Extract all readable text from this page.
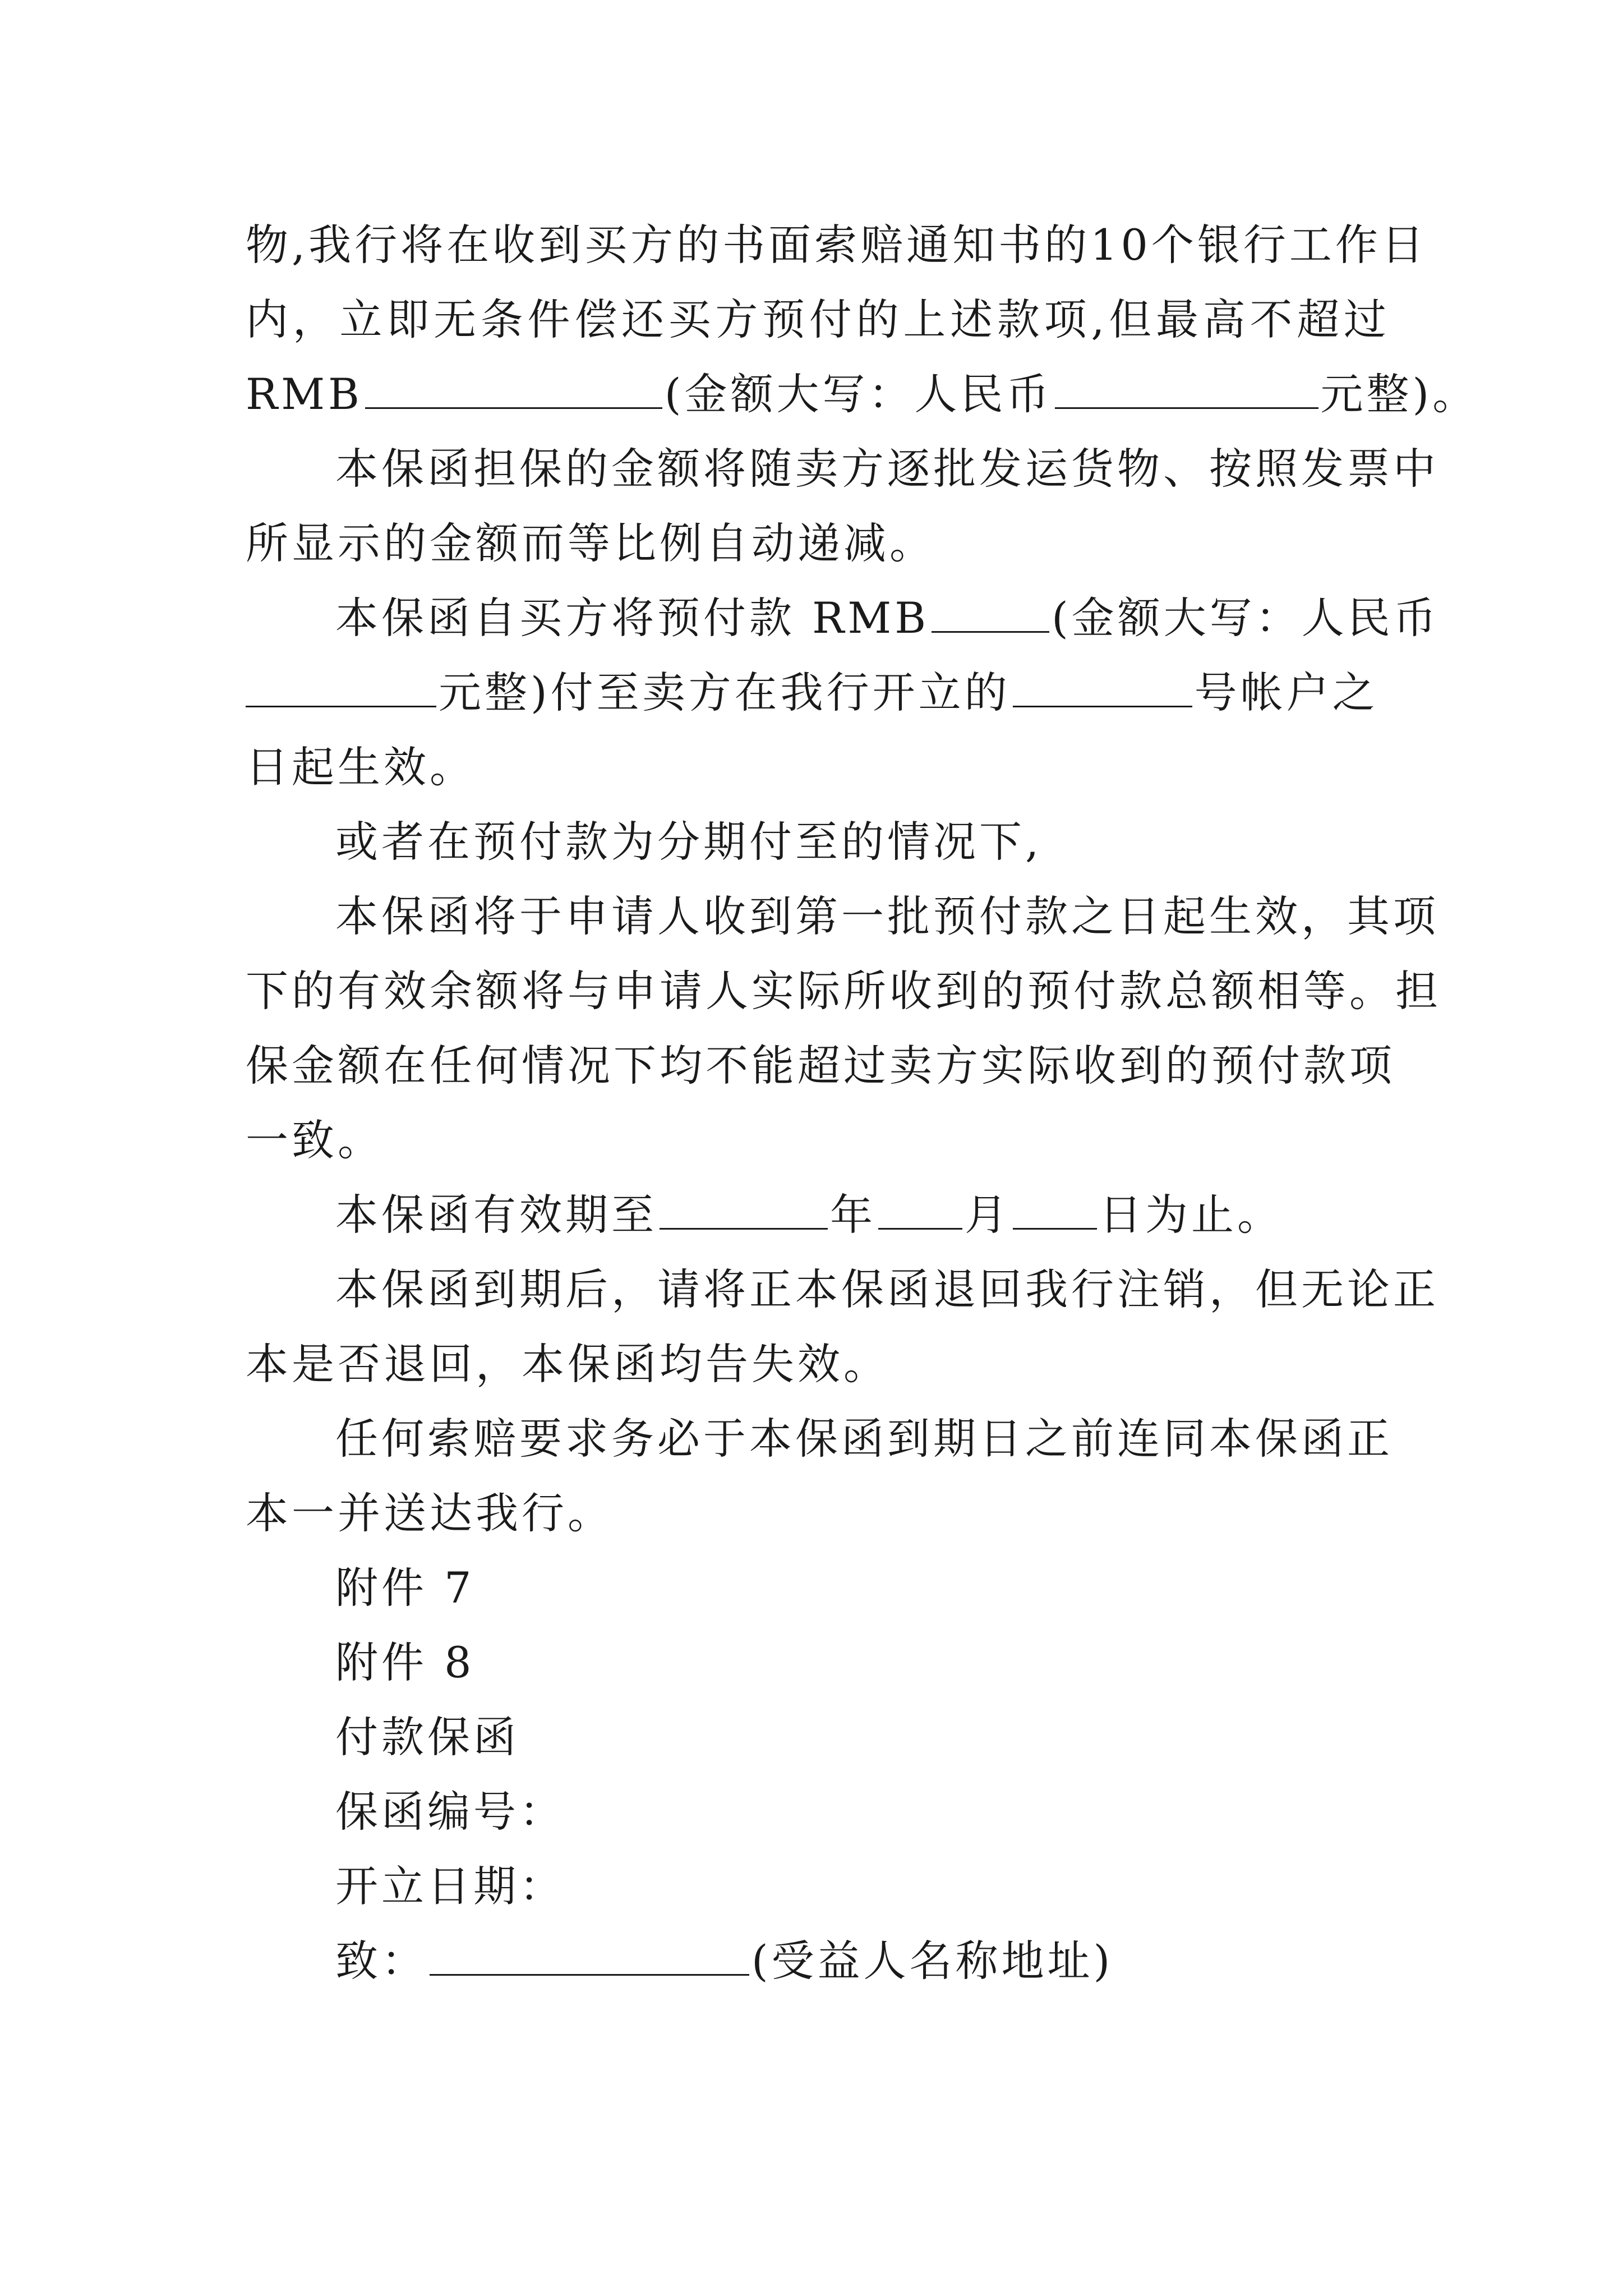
物,我行将在收到买方的书面索赔通知书的10个银行工作日
内，立即无条件偿还买方预付的上述款项,但最高不超过
RMB	(金额大写：人民币	元整)。
本保函担保的金额将随卖方逐批发运货物、按照发票中
所显示的金额而等比例自动递减。
本保函自买方将预付款 RMB	(金额大写：人民币
元整)付至卖方在我行开立的	号帐户之
日起生效。
或者在预付款为分期付至的情况下,
本保函将于申请人收到第一批预付款之日起生效，其项
下的有效余额将与申请人实际所收到的预付款总额相等。担
保金额在任何情况下均不能超过卖方实际收到的预付款项
一致。
本保函有效期至	年 月 日为止。
本保函到期后，请将正本保函退回我行注销，但无论正
本是否退回，本保函均告失效。
任何索赔要求务必于本保函到期日之前连同本保函正
本一并送达我行。
附件 7
附件 8
付款保函
保函编号：
开立日期：
致：	(受益人名称地址)
